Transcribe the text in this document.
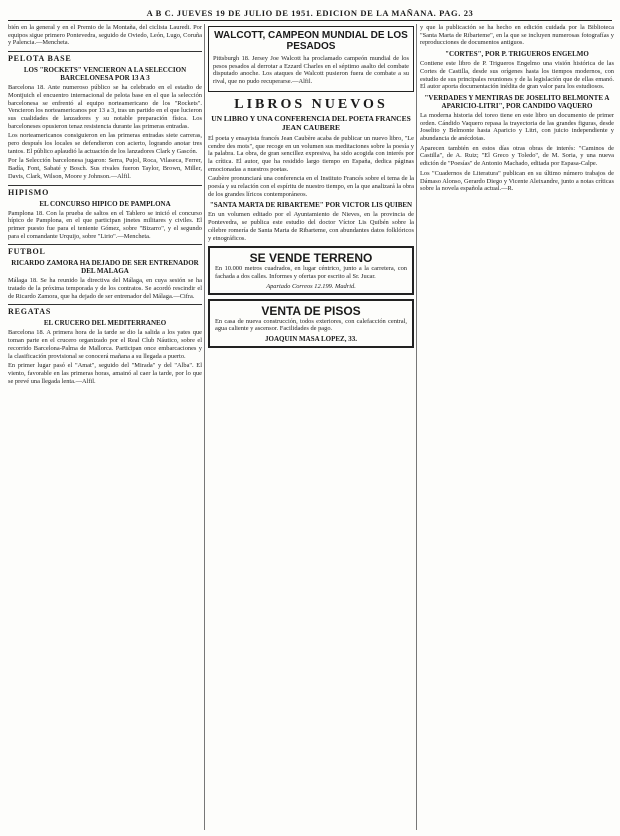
A B C. JUEVES 19 DE JULIO DE 1951. EDICION DE LA MAÑANA. PAG. 23

bién en la general y en el Premio de la Montaña, del ciclista Lauredi. Por equipos sigue primero Pontevedra, seguido de Oviedo, León, Lugo, Coruña y Palencia.—Mencheta.

PELOTA BASE
LOS "ROCKETS" VENCIERON A LA SELECCION BARCELONESA POR 13 A 3

Barcelona 18. Ante numeroso público se ha celebrado en el estadio de Montjuich el encuentro internacional de pelota base en el que la selección barcelonesa se enfrentó al equipo norteamericano de los "Rockets". Vencieron los norteamericanos por 13 a 3, tras un partido en el que lucieron sus cualidades de lanzadores y su notable preparación física. Los barceloneses opusieron tenaz resistencia durante las primeras entradas.

Los norteamericanos consiguieron en las primeras entradas siete carreras, pero después los locales se defendieron con acierto, logrando anotar tres tantos. El público aplaudió la actuación de los lanzadores Clark y Gascón.

Por la Selección barcelonesa jugaron: Serra, Pujol, Roca, Vilaseca, Ferrer, Badía, Font, Sabaté y Bosch. Sus rivales fueron Taylor, Brown, Miller, Davis, Clark, Wilson, Moore y Johnson.—Alfil.

HIPISMO
EL CONCURSO HIPICO DE PAMPLONA

Pamplona 18. Con la prueba de saltos en el Tablero se inició el concurso hípico de Pamplona, en el que participan jinetes militares y civiles. El primer puesto fue para el teniente Gómez, sobre "Bizarro", y el segundo para el comandante Urquijo, sobre "Lirio".—Mencheta.

FUTBOL
RICARDO ZAMORA HA DEJADO DE SER ENTRENADOR DEL MALAGA

Málaga 18. Se ha reunido la directiva del Málaga, en cuya sesión se ha tratado de la próxima temporada y de los contratos. Se acordó rescindir el de Ricardo Zamora, que ha dejado de ser entrenador del Málaga.—Cifra.

REGATAS
EL CRUCERO DEL MEDITERRANEO

Barcelona 18. A primera hora de la tarde se dio la salida a los yates que toman parte en el crucero organizado por el Real Club Náutico, sobre el recorrido Barcelona-Palma de Mallorca. Participan once embarcaciones y la clasificación provisional se conocerá mañana a su llegada a puerto.

En primer lugar pasó el "Amat", seguido del "Mirada" y del "Alba". El viento, favorable en las primeras horas, amainó al caer la tarde, por lo que se prevé una llegada lenta.—Alfil.

WALCOTT, CAMPEON MUNDIAL DE LOS PESADOS

Pittsburgh 18. Jersey Joe Walcott ha proclamado campeón mundial de los pesos pesados al derrotar a Ezzard Charles en el séptimo asalto del combate disputado anoche. Los ataques de Walcott pusieron fuera de combate a su rival, que no pudo recuperarse.—Alfil.

LIBROS NUEVOS
UN LIBRO Y UNA CONFERENCIA DEL POETA FRANCES JEAN CAUBERE

El poeta y ensayista francés Jean Caubère acaba de publicar un nuevo libro, "Le cendre des mots", que recoge en un volumen sus meditaciones sobre la poesía y la palabra. La obra, de gran sencillez expresiva, ha sido acogida con interés por la crítica. El autor, que ha residido largo tiempo en España, dedica páginas emocionadas a nuestros poetas.

Caubère pronunciará una conferencia en el Instituto Francés sobre el tema de la poesía y su relación con el espíritu de nuestro tiempo, en la que analizará la obra de los grandes líricos contemporáneos.

"SANTA MARTA DE RIBARTEME" POR VICTOR LIS QUIBEN

En un volumen editado por el Ayuntamiento de Nieves, en la provincia de Pontevedra, se publica este estudio del doctor Víctor Lis Quibén sobre la célebre romería de Santa Marta de Ribarteme, con abundantes datos folklóricos y etnográficos.

SE VENDE TERRENO

En 10.000 metros cuadrados, en lugar céntrico, junto a la carretera, con fachada a dos calles. Informes y ofertas por escrito al Sr. Jucar.

Apartado Correos 12.199. Madrid.
VENTA DE PISOS

En casa de nueva construcción, todos exteriores, con calefacción central, agua caliente y ascensor. Facilidades de pago.

JOAQUIN MASA LOPEZ, 33.

y que la publicación se ha hecho en edición cuidada por la Biblioteca "Santa Marta de Ribarteme", en la que se incluyen numerosas fotografías y reproducciones de documentos antiguos.

"CORTES", POR P. TRIGUEROS ENGELMO

Contiene este libro de P. Trigueros Engelmo una visión histórica de las Cortes de Castilla, desde sus orígenes hasta los tiempos modernos, con estudio de sus principales reuniones y de la legislación que de ellas emanó. El autor aporta documentación inédita de gran valor para los estudiosos.

"VERDADES Y MENTIRAS DE JOSELITO BELMONTE A APARICIO-LITRI", POR CANDIDO VAQUERO

La moderna historia del toreo tiene en este libro un documento de primer orden. Cándido Vaquero repasa la trayectoria de las grandes figuras, desde Joselito y Belmonte hasta Aparicio y Litri, con juicio independiente y abundancia de anécdotas.

Aparecen también en estos días otras obras de interés: "Caminos de Castilla", de A. Ruiz; "El Greco y Toledo", de M. Soria, y una nueva edición de "Poesías" de Antonio Machado, editada por Espasa-Calpe.

Los "Cuadernos de Literatura" publican en su último número trabajos de Dámaso Alonso, Gerardo Diego y Vicente Aleixandre, junto a notas críticas sobre la novela española actual.—R.
